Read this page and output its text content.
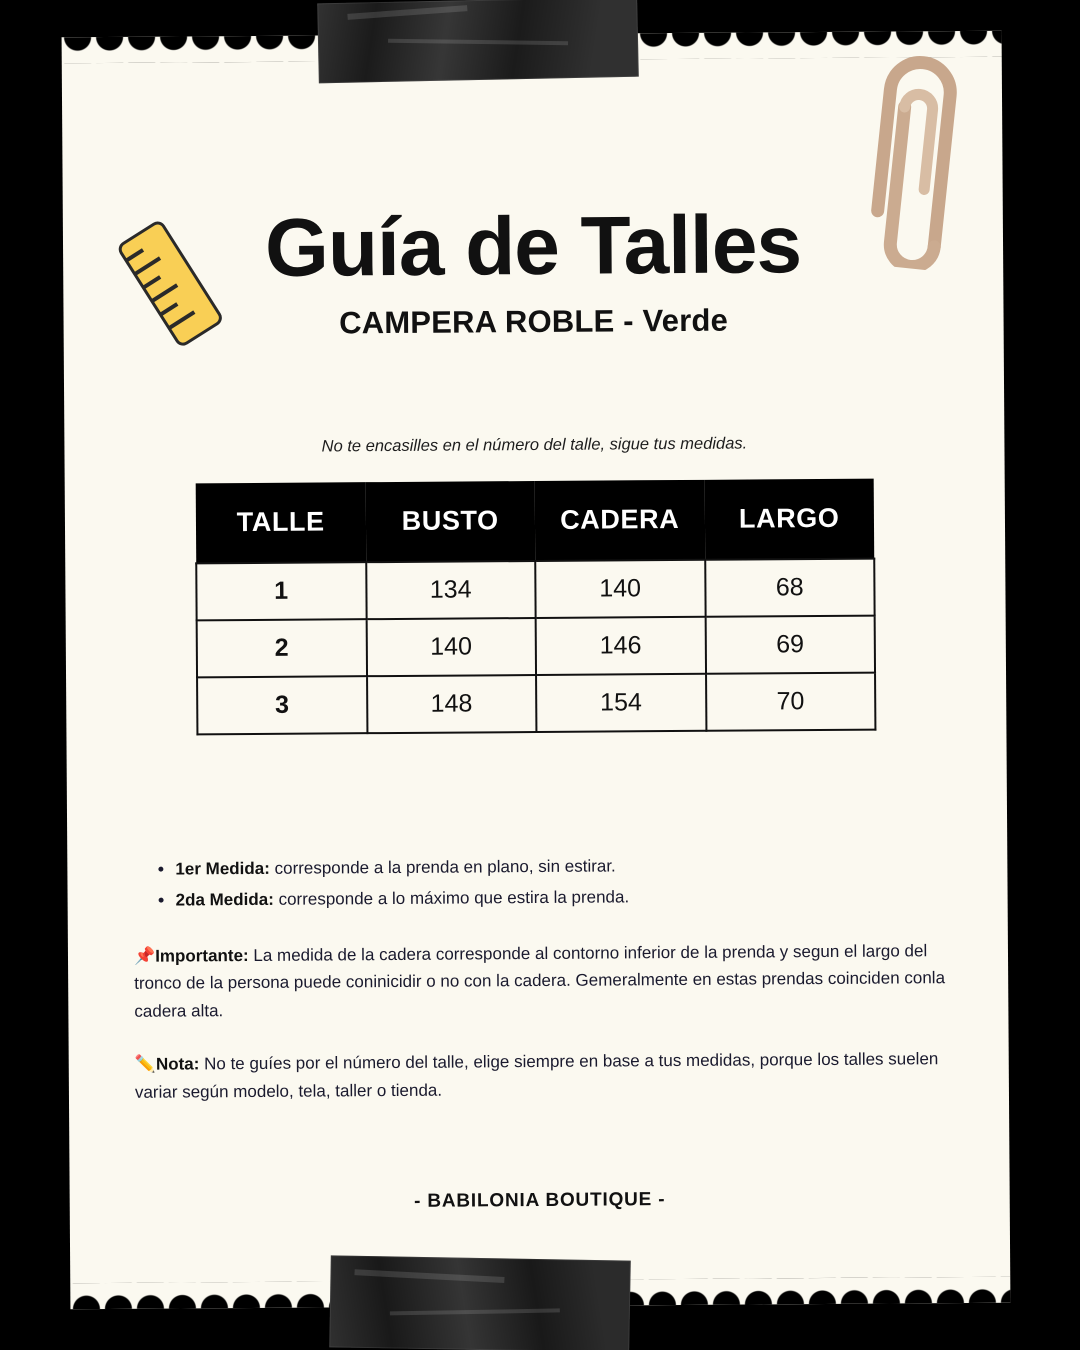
Guía de Talles
CAMPERA ROBLE - Verde

No te encasilles en el número del talle, sigue tus medidas.

TALLE	BUSTO	CADERA	LARGO
1	134	140	68
2	140	146	69
3	148	154	70
• 1er Medida: corresponde a la prenda en plano, sin estirar.
• 2da Medida: corresponde a lo máximo que estira la prenda.

📌Importante: La medida de la cadera corresponde al contorno inferior de la prenda y segun el largo del tronco de la persona puede coninicidir o no con la cadera. Gemeralmente en estas prendas coinciden conla cadera alta.

✏️Nota: No te guíes por el número del talle, elige siempre en base a tus medidas, porque los talles suelen variar según modelo, tela, taller o tienda.

- BABILONIA BOUTIQUE -
